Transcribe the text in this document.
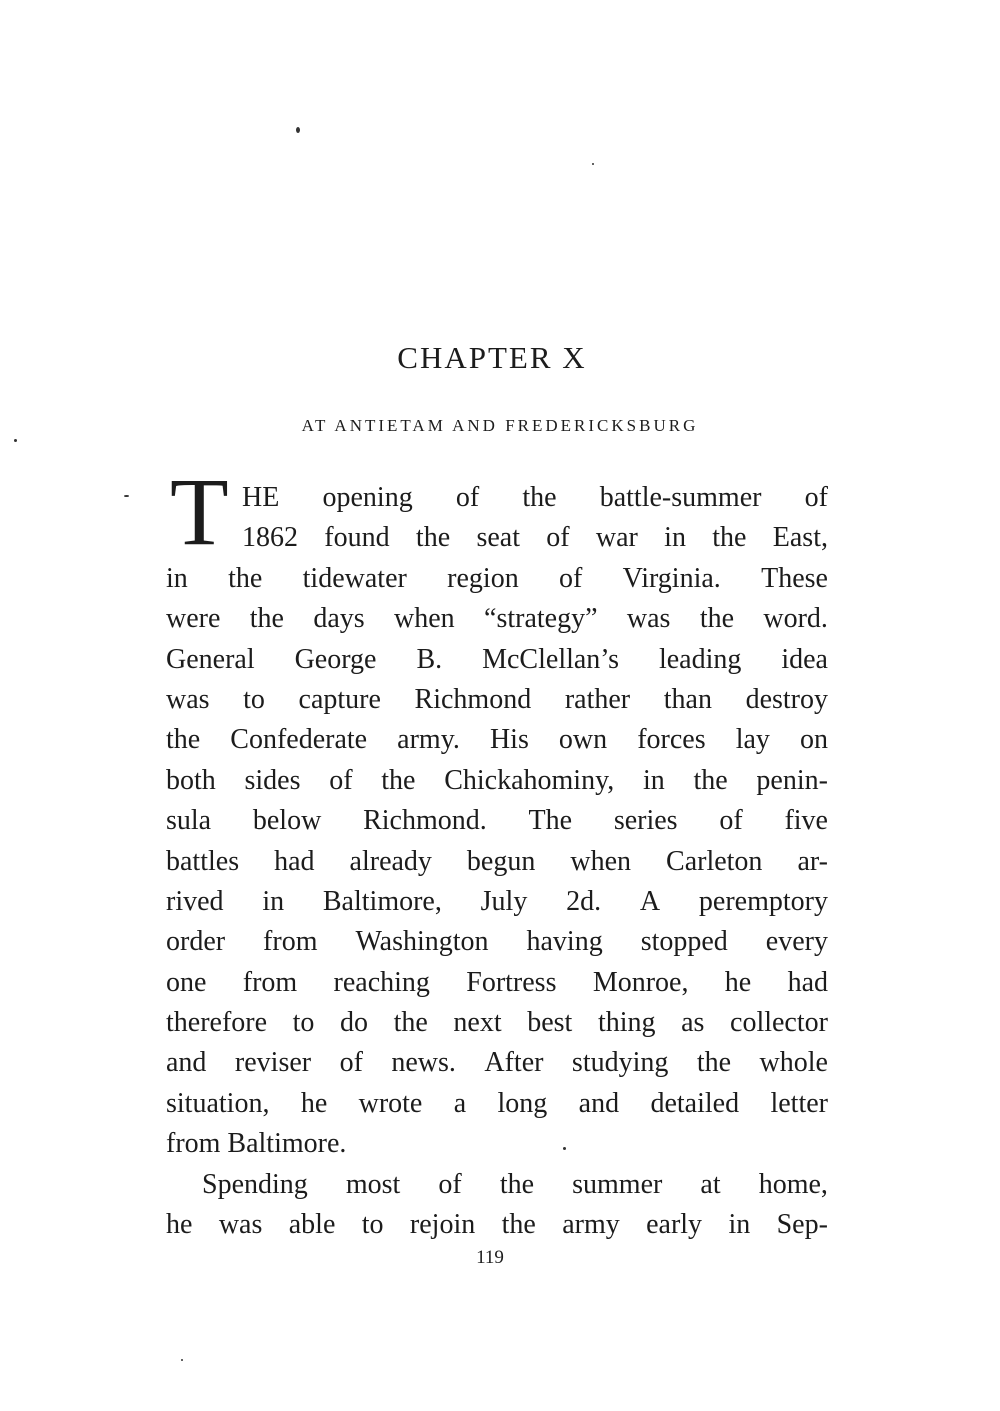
CHAPTER X
AT ANTIETAM AND FREDERICKSBURG
T HE opening of the battle-summer of
1862 found the seat of war in the East,
in the tidewater region of Virginia. These
were the days when “strategy” was the word.
General George B. McClellan’s leading idea
was to capture Richmond rather than destroy
the Confederate army. His own forces lay on
both sides of the Chickahominy, in the penin-
sula below Richmond. The series of five
battles had already begun when Carleton ar-
rived in Baltimore, July 2d. A peremptory
order from Washington having stopped every
one from reaching Fortress Monroe, he had
therefore to do the next best thing as collector
and reviser of news. After studying the whole
situation, he wrote a long and detailed letter
from Baltimore.
Spending most of the summer at home,
he was able to rejoin the army early in Sep-
119
